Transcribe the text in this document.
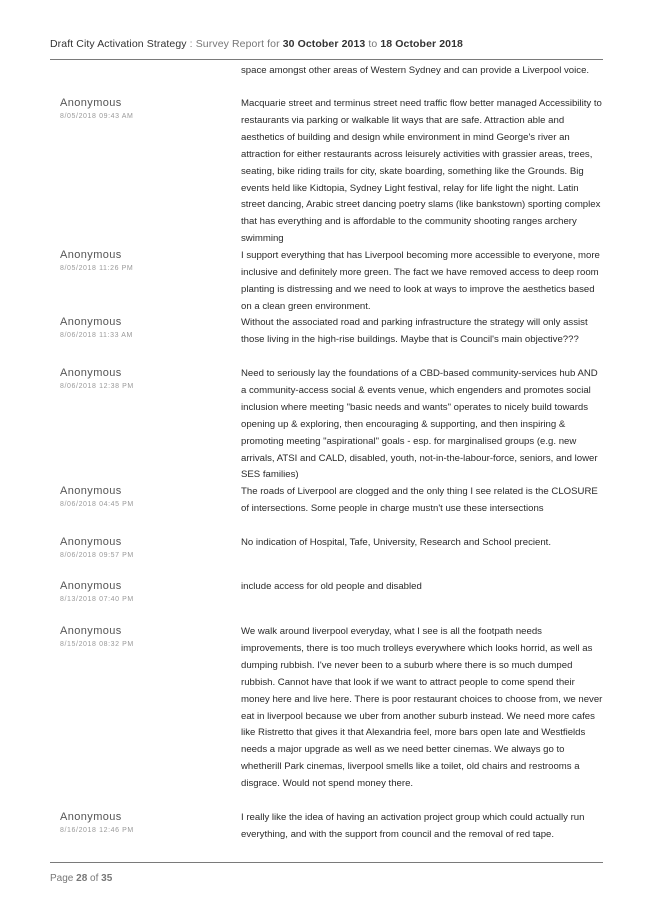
Draft City Activation Strategy : Survey Report for 30 October 2013 to 18 October 2018
space amongst other areas of Western Sydney and can provide a Liverpool voice.
Anonymous
8/05/2018 09:43 AM
Macquarie street and terminus street need traffic flow better managed Accessibility to restaurants via parking or walkable lit ways that are safe. Attraction able and aesthetics of building and design while environment in mind George's river an attraction for either restaurants across leisurely activities with grassier areas, trees, seating, bike riding trails for city, skate boarding, something like the Grounds. Big events held like Kidtopia, Sydney Light festival, relay for life light the night. Latin street dancing, Arabic street dancing poetry slams (like bankstown) sporting complex that has everything and is affordable to the community shooting ranges archery swimming
Anonymous
8/05/2018 11:26 PM
I support everything that has Liverpool becoming more accessible to everyone, more inclusive and definitely more green. The fact we have removed access to deep room planting is distressing and we need to look at ways to improve the aesthetics based on a clean green environment.
Anonymous
8/06/2018 11:33 AM
Without the associated road and parking infrastructure the strategy will only assist those living in the high-rise buildings. Maybe that is Council's main objective???
Anonymous
8/06/2018 12:38 PM
Need to seriously lay the foundations of a CBD-based community-services hub AND a community-access social & events venue, which engenders and promotes social inclusion where meeting "basic needs and wants" operates to nicely build towards opening up & exploring, then encouraging & supporting, and then inspiring & promoting meeting "aspirational" goals - esp. for marginalised groups (e.g. new arrivals, ATSI and CALD, disabled, youth, not-in-the-labour-force, seniors, and lower SES families)
Anonymous
8/06/2018 04:45 PM
The roads of Liverpool are clogged and the only thing I see related is the CLOSURE of intersections. Some people in charge mustn't use these intersections
Anonymous
8/06/2018 09:57 PM
No indication of Hospital, Tafe, University, Research and School precient.
Anonymous
8/13/2018 07:40 PM
include access for old people and disabled
Anonymous
8/15/2018 08:32 PM
We walk around liverpool everyday, what I see is all the footpath needs improvements, there is too much trolleys everywhere which looks horrid, as well as dumping rubbish. I've never been to a suburb where there is so much dumped rubbish. Cannot have that look if we want to attract people to come spend their money here and live here. There is poor restaurant choices to choose from, we never eat in liverpool because we uber from another suburb instead. We need more cafes like Ristretto that gives it that Alexandria feel, more bars open late and Westfields needs a major upgrade as well as we need better cinemas. We always go to whetherill Park cinemas, liverpool smells like a toilet, old chairs and restrooms a disgrace. Would not spend money there.
Anonymous
8/16/2018 12:46 PM
I really like the idea of having an activation project group which could actually run everything, and with the support from council and the removal of red tape.
Page 28 of 35
